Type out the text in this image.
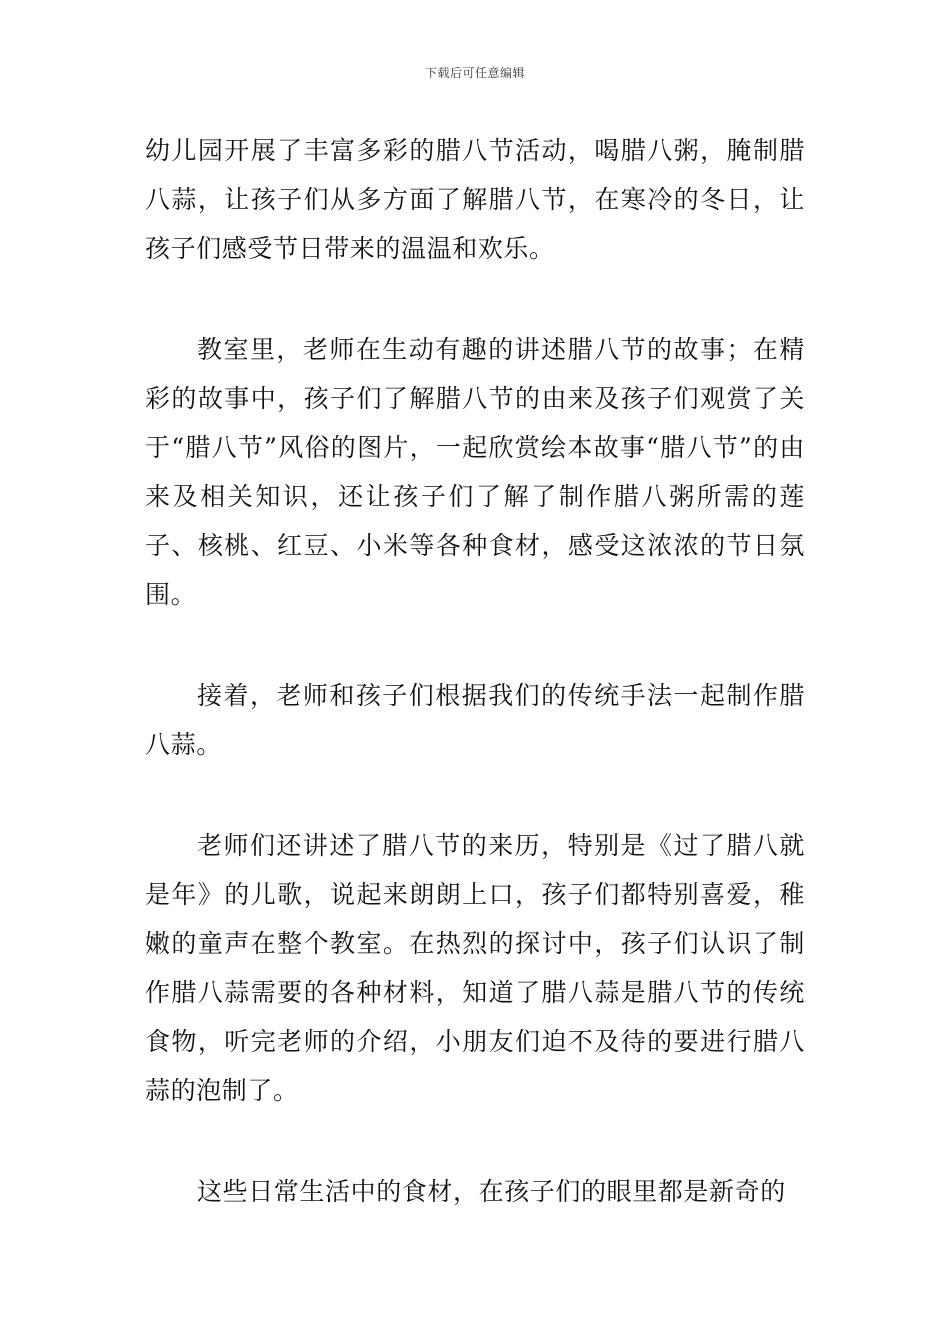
下载后可任意编辑

幼儿园开展了丰富多彩的腊八节活动，喝腊八粥，腌制腊八蒜，让孩子们从多方面了解腊八节，在寒冷的冬日，让孩子们感受节日带来的温温和欢乐。

教室里，老师在生动有趣的讲述腊八节的故事；在精彩的故事中，孩子们了解腊八节的由来及孩子们观赏了关于“腊八节”风俗的图片，一起欣赏绘本故事“腊八节”的由来及相关知识，还让孩子们了解了制作腊八粥所需的莲子、核桃、红豆、小米等各种食材，感受这浓浓的节日氛围。

接着，老师和孩子们根据我们的传统手法一起制作腊八蒜。

老师们还讲述了腊八节的来历，特别是《过了腊八就是年》的儿歌，说起来朗朗上口，孩子们都特别喜爱，稚嫩的童声在整个教室。在热烈的探讨中，孩子们认识了制作腊八蒜需要的各种材料，知道了腊八蒜是腊八节的传统食物，听完老师的介绍，小朋友们迫不及待的要进行腊八蒜的泡制了。

这些日常生活中的食材，在孩子们的眼里都是新奇的
